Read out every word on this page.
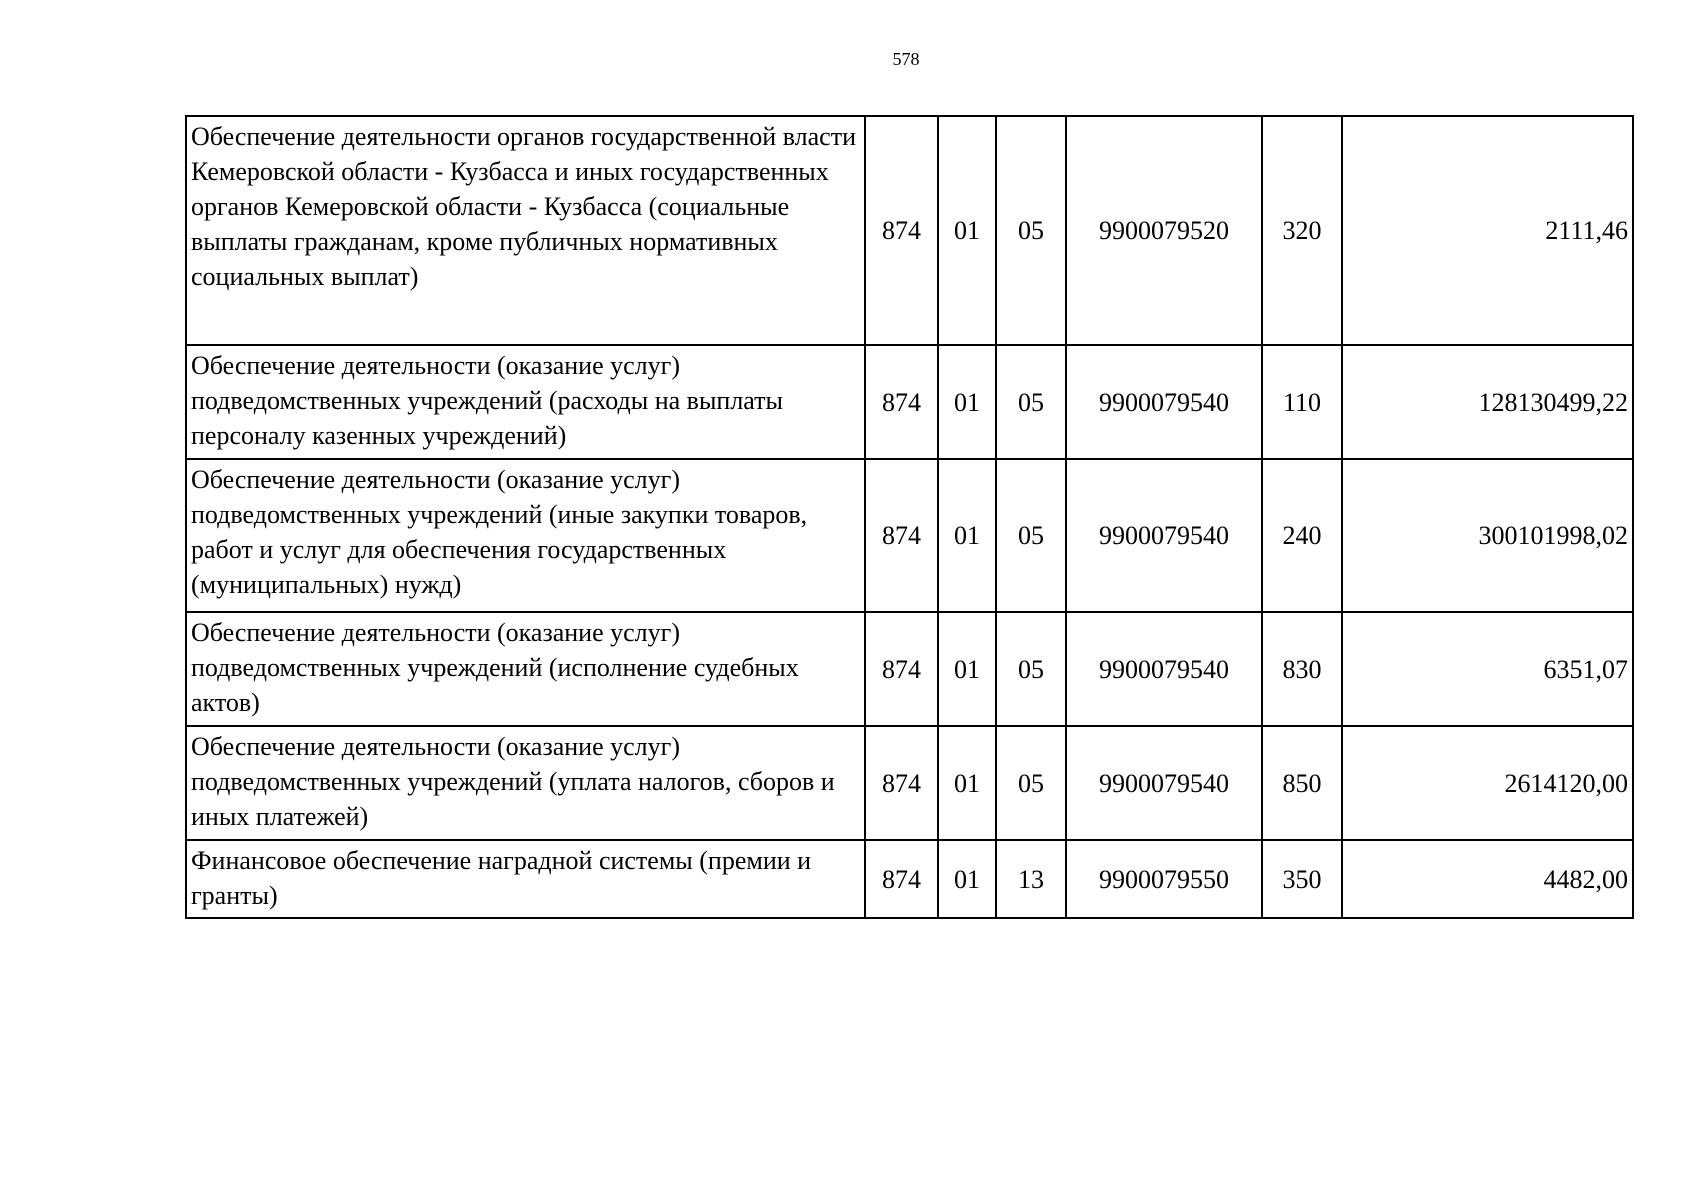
578
Обеспечение деятельности органов государственной власти Кемеровской области - Кузбасса и иных государственных органов Кемеровской области - Кузбасса (социальные выплаты гражданам, кроме публичных нормативных социальных выплат)	874	01	05	9900079520	320	2111,46
Обеспечение деятельности (оказание услуг) подведомственных учреждений (расходы на выплаты персоналу казенных учреждений)	874	01	05	9900079540	110	128130499,22
Обеспечение деятельности (оказание услуг) подведомственных учреждений (иные закупки товаров, работ и услуг для обеспечения государственных (муниципальных) нужд)	874	01	05	9900079540	240	300101998,02
Обеспечение деятельности (оказание услуг) подведомственных учреждений (исполнение судебных актов)	874	01	05	9900079540	830	6351,07
Обеспечение деятельности (оказание услуг) подведомственных учреждений (уплата налогов, сборов и иных платежей)	874	01	05	9900079540	850	2614120,00
Финансовое обеспечение наградной системы (премии и гранты)	874	01	13	9900079550	350	4482,00
